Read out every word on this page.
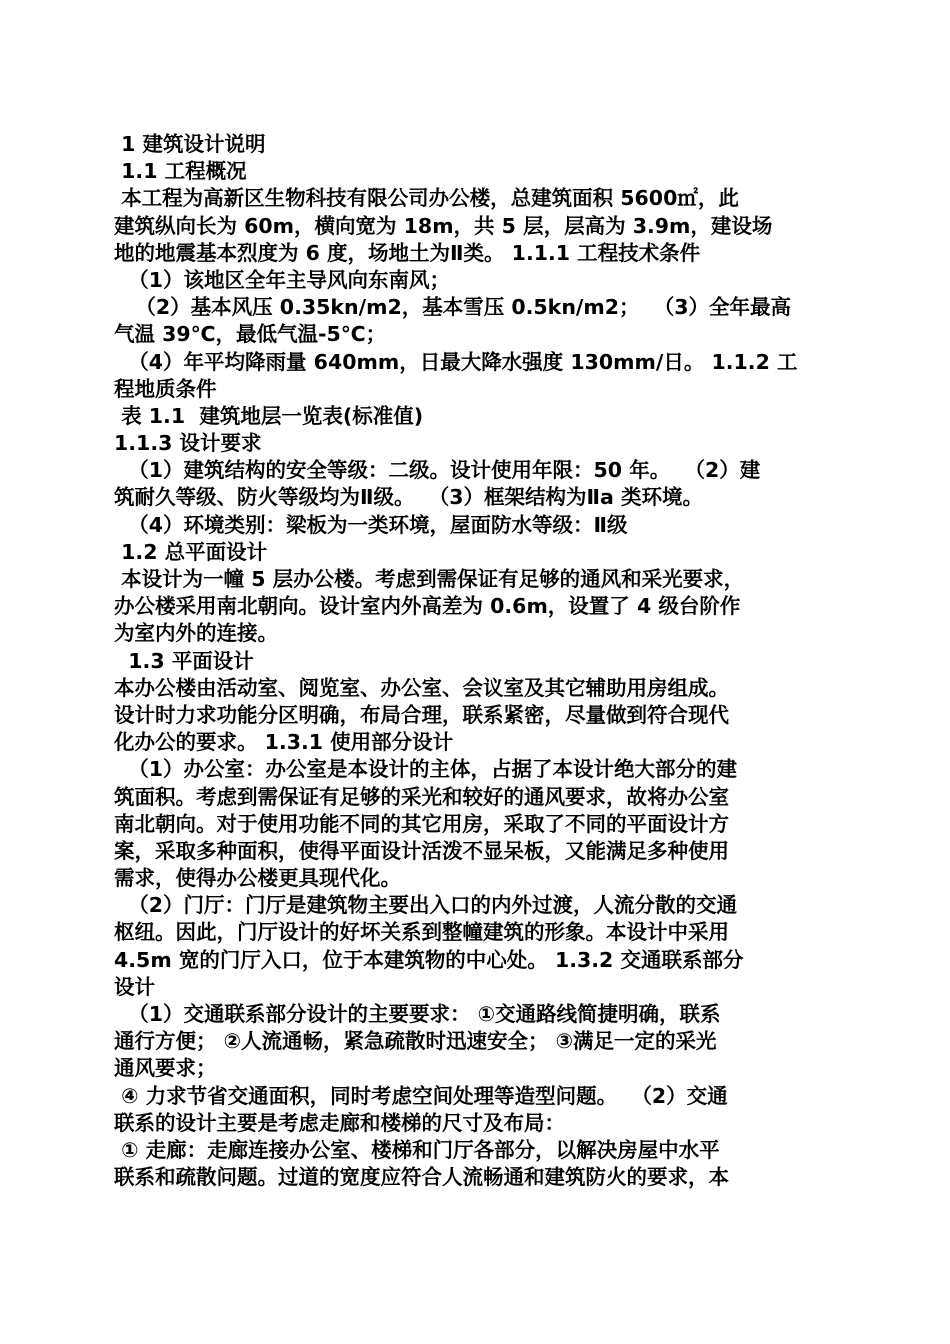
1 建筑设计说明
1.1 工程概况
本工程为高新区生物科技有限公司办公楼，总建筑面积 5600㎡，此
建筑纵向长为 60m，横向宽为 18m，共 5 层，层高为 3.9m，建设场
地的地震基本烈度为 6 度，场地土为Ⅱ类。 1.1.1 工程技术条件
（1）该地区全年主导风向东南风；
（2）基本风压 0.35kn/m2，基本雪压 0.5kn/m2；  （3）全年最高
气温 39℃，最低气温-5℃；
（4）年平均降雨量 640mm，日最大降水强度 130mm/日。 1.1.2 工
程地质条件
表 1.1  建筑地层一览表(标准值)
1.1.3 设计要求
（1）建筑结构的安全等级：二级。设计使用年限：50 年。  （2）建
筑耐久等级、防火等级均为Ⅱ级。  （3）框架结构为Ⅱa 类环境。
（4）环境类别：梁板为一类环境，屋面防水等级：Ⅱ级
1.2 总平面设计
本设计为一幢 5 层办公楼。考虑到需保证有足够的通风和采光要求，
办公楼采用南北朝向。设计室内外高差为 0.6m，设置了 4 级台阶作
为室内外的连接。
1.3 平面设计
本办公楼由活动室、阅览室、办公室、会议室及其它辅助用房组成。
设计时力求功能分区明确，布局合理，联系紧密，尽量做到符合现代
化办公的要求。 1.3.1 使用部分设计
（1）办公室：办公室是本设计的主体，占据了本设计绝大部分的建
筑面积。考虑到需保证有足够的采光和较好的通风要求，故将办公室
南北朝向。对于使用功能不同的其它用房，采取了不同的平面设计方
案，采取多种面积，使得平面设计活泼不显呆板，又能满足多种使用
需求，使得办公楼更具现代化。
（2）门厅：门厅是建筑物主要出入口的内外过渡，人流分散的交通
枢纽。因此，门厅设计的好坏关系到整幢建筑的形象。本设计中采用
4.5m 宽的门厅入口，位于本建筑物的中心处。 1.3.2 交通联系部分
设计
（1）交通联系部分设计的主要要求： ①交通路线简捷明确，联系
通行方便； ②人流通畅，紧急疏散时迅速安全； ③满足一定的采光
通风要求；
④ 力求节省交通面积，同时考虑空间处理等造型问题。  （2）交通
联系的设计主要是考虑走廊和楼梯的尺寸及布局：
① 走廊：走廊连接办公室、楼梯和门厅各部分，以解决房屋中水平
联系和疏散问题。过道的宽度应符合人流畅通和建筑防火的要求，本
